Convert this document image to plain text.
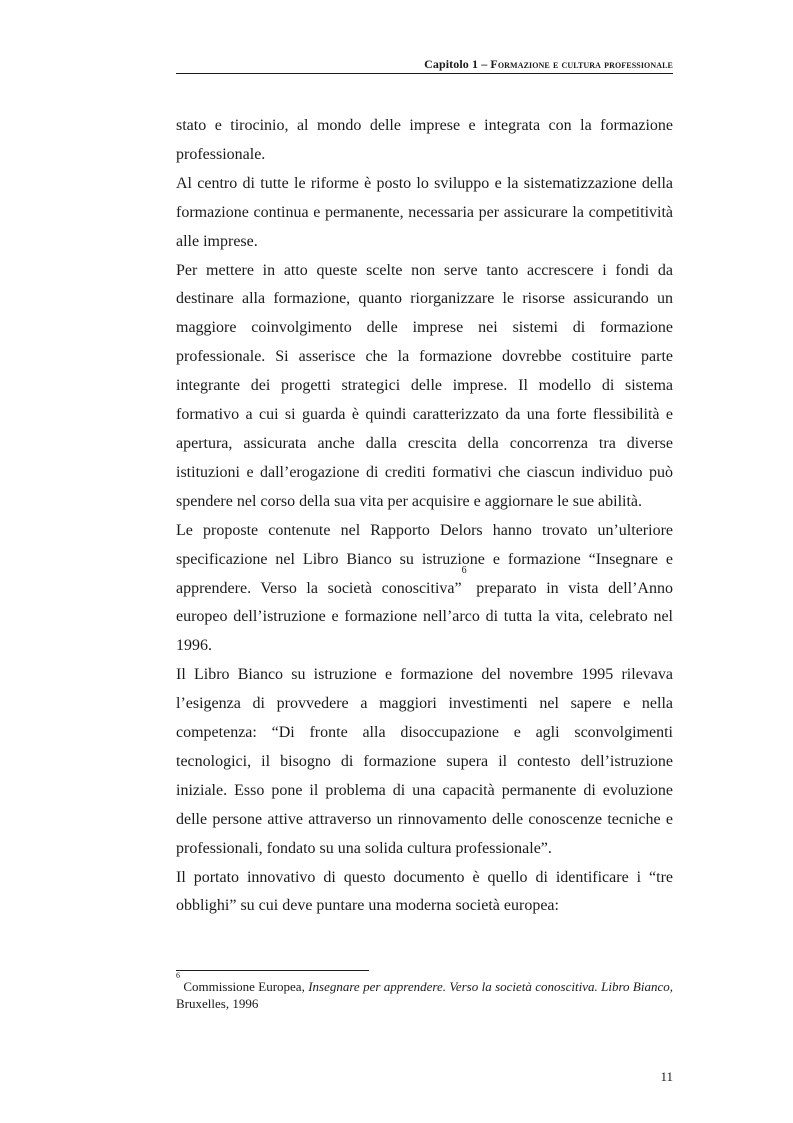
Capitolo 1 – Formazione e cultura professionale

stato e tirocinio, al mondo delle imprese e integrata con la formazione professionale.

Al centro di tutte le riforme è posto lo sviluppo e la sistematizzazione della formazione continua e permanente, necessaria per assicurare la competitività alle imprese.

Per mettere in atto queste scelte non serve tanto accrescere i fondi da destinare alla formazione, quanto riorganizzare le risorse assicurando un maggiore coinvolgimento delle imprese nei sistemi di formazione professionale. Si asserisce che la formazione dovrebbe costituire parte integrante dei progetti strategici delle imprese. Il modello di sistema formativo a cui si guarda è quindi caratterizzato da una forte flessibilità e apertura, assicurata anche dalla crescita della concorrenza tra diverse istituzioni e dall’erogazione di crediti formativi che ciascun individuo può spendere nel corso della sua vita per acquisire e aggiornare le sue abilità.

Le proposte contenute nel Rapporto Delors hanno trovato un’ulteriore specificazione nel Libro Bianco su istruzione e formazione “Insegnare e apprendere. Verso la società conoscitiva”$^6$ preparato in vista dell’Anno europeo dell’istruzione e formazione nell’arco di tutta la vita, celebrato nel 1996.

Il Libro Bianco su istruzione e formazione del novembre 1995 rilevava l’esigenza di provvedere a maggiori investimenti nel sapere e nella competenza: “Di fronte alla disoccupazione e agli sconvolgimenti tecnologici, il bisogno di formazione supera il contesto dell’istruzione iniziale. Esso pone il problema di una capacità permanente di evoluzione delle persone attive attraverso un rinnovamento delle conoscenze tecniche e professionali, fondato su una solida cultura professionale”.

Il portato innovativo di questo documento è quello di identificare i “tre obblighi” su cui deve puntare una moderna società europea:

$^6$ Commissione Europea, Insegnare per apprendere. Verso la società conoscitiva. Libro Bianco, Bruxelles, 1996
11
